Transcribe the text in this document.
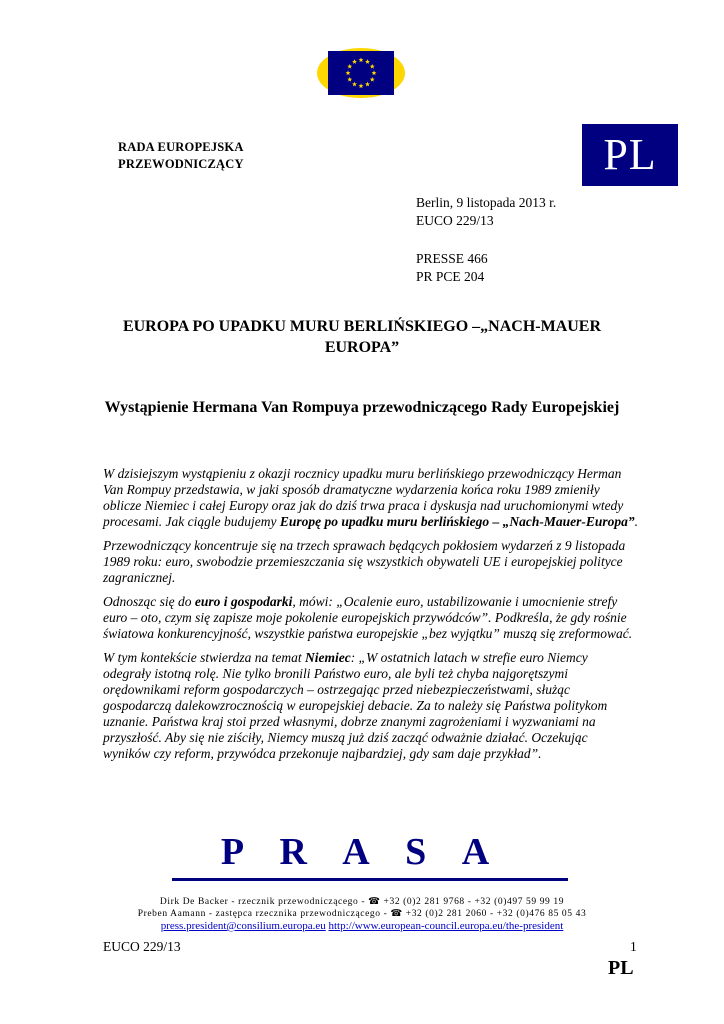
RADA EUROPEJSKA
PRZEWODNICZĄCY	PL
Berlin, 9 listopada 2013 r.
EUCO 229/13
PRESSE 466
PR PCE 204
EUROPA PO UPADKU MURU BERLIŃSKIEGO –„NACH-MAUER EUROPA”
Wystąpienie Hermana Van Rompuya przewodniczącego Rady Europejskiej

W dzisiejszym wystąpieniu z okazji rocznicy upadku muru berlińskiego przewodniczący Herman Van Rompuy przedstawia, w jaki sposób dramatyczne wydarzenia końca roku 1989 zmieniły oblicze Niemiec i całej Europy oraz jak do dziś trwa praca i dyskusja nad uruchomionymi wtedy procesami. Jak ciągle budujemy Europę po upadku muru berlińskiego – „Nach-Mauer-Europa”.

Przewodniczący koncentruje się na trzech sprawach będących pokłosiem wydarzeń z 9 listopada 1989 roku: euro, swobodzie przemieszczania się wszystkich obywateli UE i europejskiej polityce zagranicznej.

Odnosząc się do euro i gospodarki, mówi: „Ocalenie euro, ustabilizowanie i umocnienie strefy euro – oto, czym się zapisze moje pokolenie europejskich przywódców”. Podkreśla, że gdy rośnie światowa konkurencyjność, wszystkie państwa europejskie „bez wyjątku” muszą się zreformować.

W tym kontekście stwierdza na temat Niemiec: „W ostatnich latach w strefie euro Niemcy odegrały istotną rolę. Nie tylko bronili Państwo euro, ale byli też chyba najgorętszymi orędownikami reform gospodarczych – ostrzegając przed niebezpieczeństwami, służąc gospodarczą dalekowzrocznością w europejskiej debacie. Za to należy się Państwa politykom uznanie. Państwa kraj stoi przed własnymi, dobrze znanymi zagrożeniami i wyzwaniami na przyszłość. Aby się nie ziściły, Niemcy muszą już dziś zacząć odważnie działać. Oczekując wyników czy reform, przywódca przekonuje najbardziej, gdy sam daje przykład”.

P R A S A
Dirk De Backer - rzecznik przewodniczącego - ☎ +32 (0)2 281 9768 - +32 (0)497 59 99 19
Preben Aamann - zastępca rzecznika przewodniczącego - ☎ +32 (0)2 281 2060 - +32 (0)476 85 05 43
press.president@consilium.europa.eu http://www.european-council.europa.eu/the-president
EUCO 229/13	1
PL
